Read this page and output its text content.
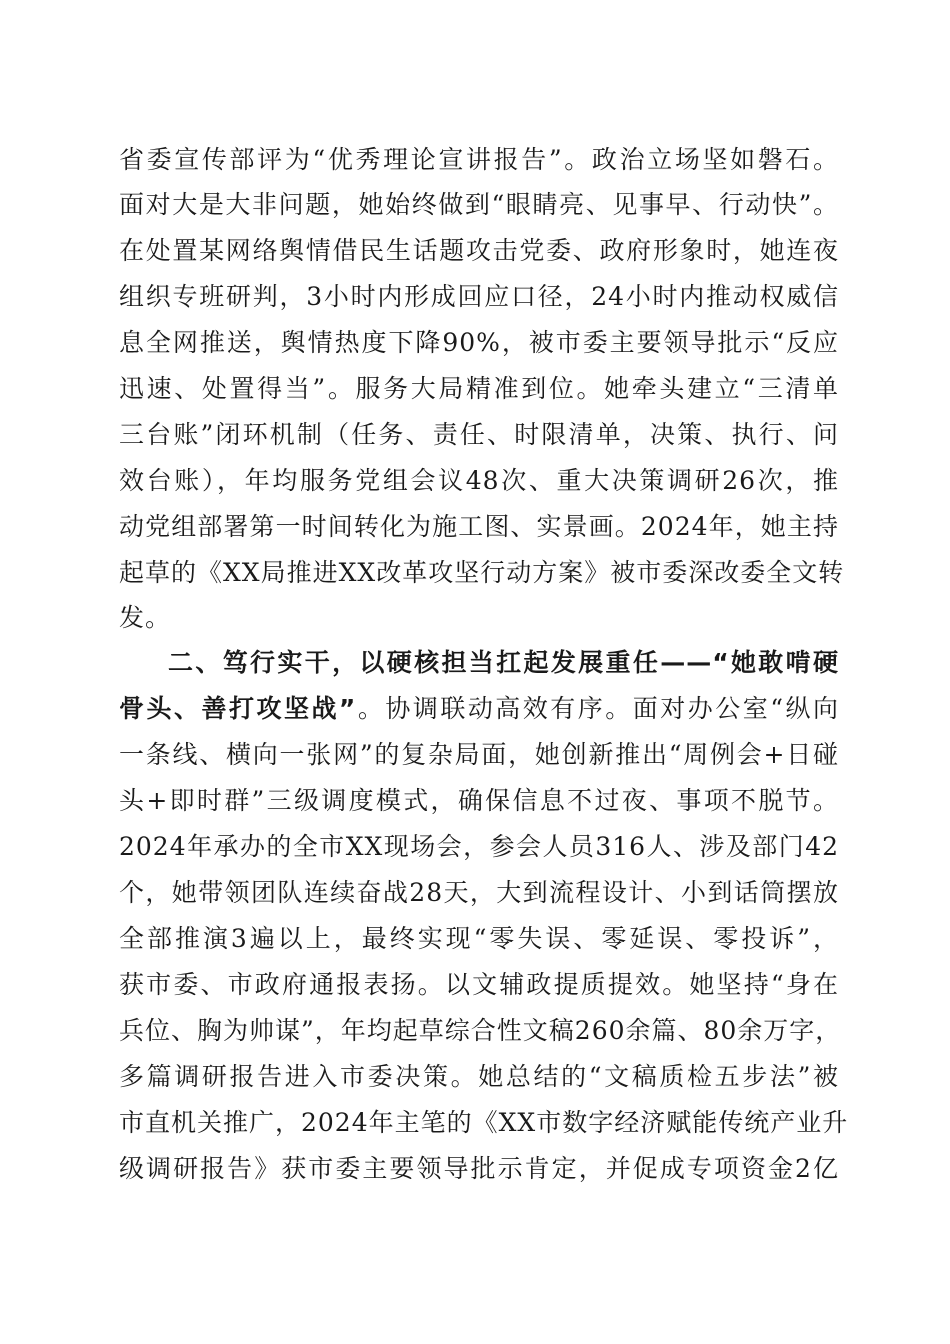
省委宣传部评为“优秀理论宣讲报告”。政治立场坚如磐石。
面对大是大非问题，她始终做到“眼睛亮、见事早、行动快”。
在处置某网络舆情借民生话题攻击党委、政府形象时，她连夜
组织专班研判，3小时内形成回应口径，24小时内推动权威信
息全网推送，舆情热度下降90%，被市委主要领导批示“反应
迅速、处置得当”。服务大局精准到位。她牵头建立“三清单
三台账”闭环机制（任务、责任、时限清单，决策、执行、问
效台账），年均服务党组会议48次、重大决策调研26次，推
动党组部署第一时间转化为施工图、实景画。2024年，她主持
起草的《XX局推进XX改革攻坚行动方案》被市委深改委全文转
发。
二、笃行实干，以硬核担当扛起发展重任——“她敢啃硬
骨头、善打攻坚战”。协调联动高效有序。面对办公室“纵向
一条线、横向一张网”的复杂局面，她创新推出“周例会+日碰
头+即时群”三级调度模式，确保信息不过夜、事项不脱节。
2024年承办的全市XX现场会，参会人员316人、涉及部门42
个，她带领团队连续奋战28天，大到流程设计、小到话筒摆放
全部推演3遍以上，最终实现“零失误、零延误、零投诉”，
获市委、市政府通报表扬。以文辅政提质提效。她坚持“身在
兵位、胸为帅谋”，年均起草综合性文稿260余篇、80余万字，
多篇调研报告进入市委决策。她总结的“文稿质检五步法”被
市直机关推广，2024年主笔的《XX市数字经济赋能传统产业升
级调研报告》获市委主要领导批示肯定，并促成专项资金2亿
